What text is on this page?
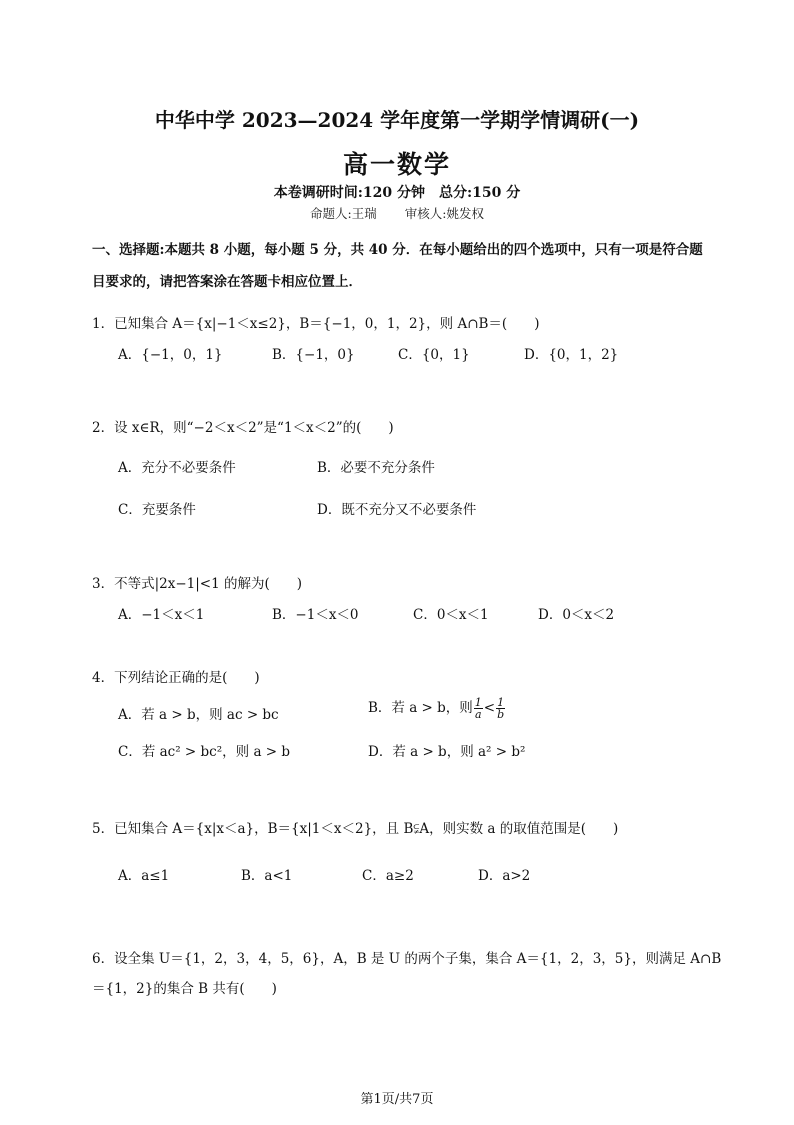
中华中学 2023—2024 学年度第一学期学情调研(一)
高一数学
本卷调研时间:120 分钟 总分:150 分
命题人:王瑞 审核人:姚发权
一、选择题:本题共 8 小题，每小题 5 分，共 40 分．在每小题给出的四个选项中，只有一项是符合题
目要求的，请把答案涂在答题卡相应位置上．
1．已知集合 A＝{x|−1＜x≤2}，B＝{−1，0，1，2}，则 A∩B＝(　　)
A．{−1，0，1}	B．{−1，0}	C．{0，1}	D．{0，1，2}
2．设 x∈R，则“−2＜x＜2”是“1＜x＜2”的(　　)
A．充分不必要条件	B．必要不充分条件
C．充要条件	D．既不充分又不必要条件
3．不等式|2x−1|<1 的解为(　　)
A．−1＜x＜1	B．−1＜x＜0	C．0＜x＜1	D．0＜x＜2
4．下列结论正确的是(　　)
A．若 a > b，则 ac > bc	B．若 a > b，则 $\frac{1}{a} < \frac{1}{b}$
C．若 ac² > bc²，则 a > b	D．若 a > b，则 a² > b²
5．已知集合 A＝{x|x＜a}，B＝{x|1＜x＜2}，且 B⫋A，则实数 a 的取值范围是(　　)
A．a≤1	B．a<1	C．a≥2	D．a>2
6．设全集 U＝{1，2，3，4，5，6}，A，B 是 U 的两个子集，集合 A＝{1，2，3，5}，则满足 A∩B
＝{1，2}的集合 B 共有(　　)
第1页/共7页
